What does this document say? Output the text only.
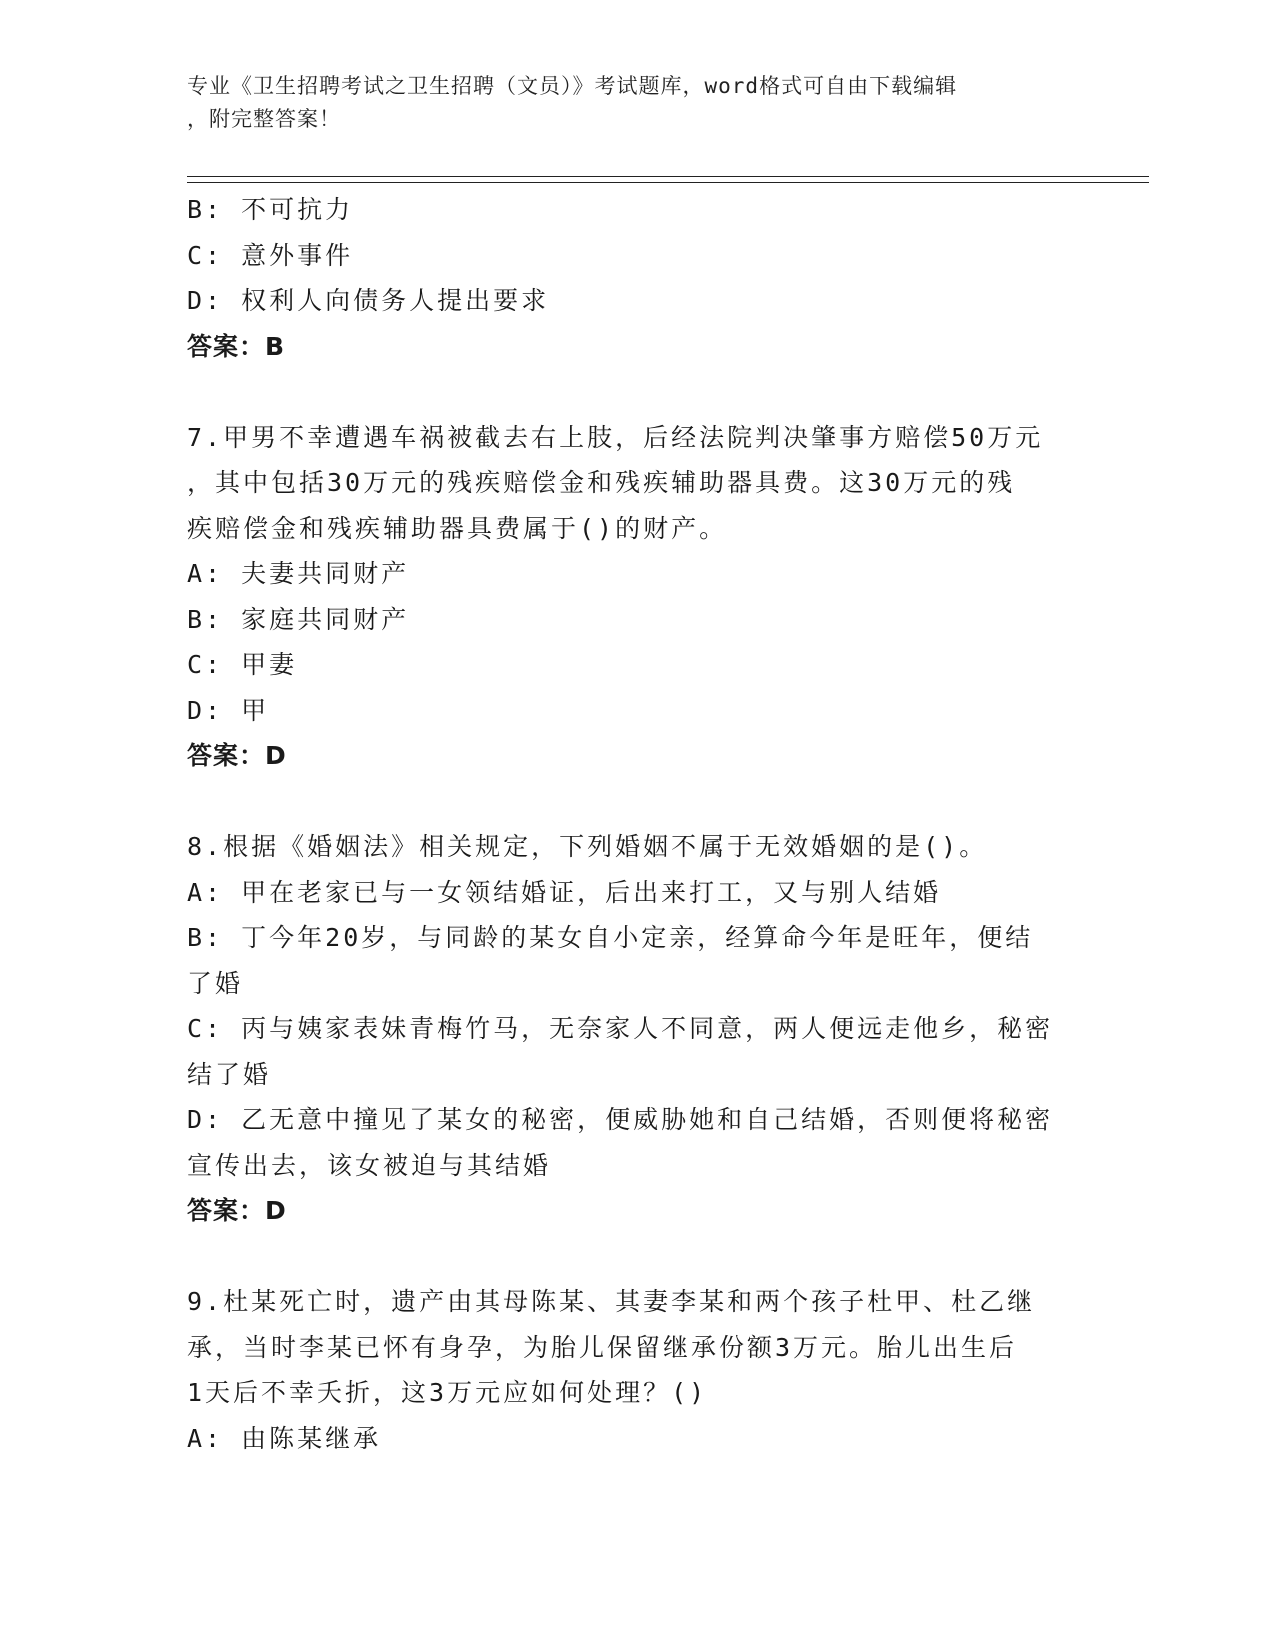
专业《卫生招聘考试之卫生招聘（文员）》考试题库，word格式可自由下载编辑
，附完整答案！
B: 不可抗力
C: 意外事件
D: 权利人向债务人提出要求
答案：B
7.甲男不幸遭遇车祸被截去右上肢，后经法院判决肇事方赔偿50万元
，其中包括30万元的残疾赔偿金和残疾辅助器具费。这30万元的残
疾赔偿金和残疾辅助器具费属于()的财产。
A: 夫妻共同财产
B: 家庭共同财产
C: 甲妻
D: 甲
答案：D
8.根据《婚姻法》相关规定，下列婚姻不属于无效婚姻的是()。
A: 甲在老家已与一女领结婚证，后出来打工，又与别人结婚
B: 丁今年20岁，与同龄的某女自小定亲，经算命今年是旺年，便结
了婚
C: 丙与姨家表妹青梅竹马，无奈家人不同意，两人便远走他乡，秘密
结了婚
D: 乙无意中撞见了某女的秘密，便威胁她和自己结婚，否则便将秘密
宣传出去，该女被迫与其结婚
答案：D
9.杜某死亡时，遗产由其母陈某、其妻李某和两个孩子杜甲、杜乙继
承，当时李某已怀有身孕，为胎儿保留继承份额3万元。胎儿出生后
1天后不幸夭折，这3万元应如何处理？()
A: 由陈某继承
